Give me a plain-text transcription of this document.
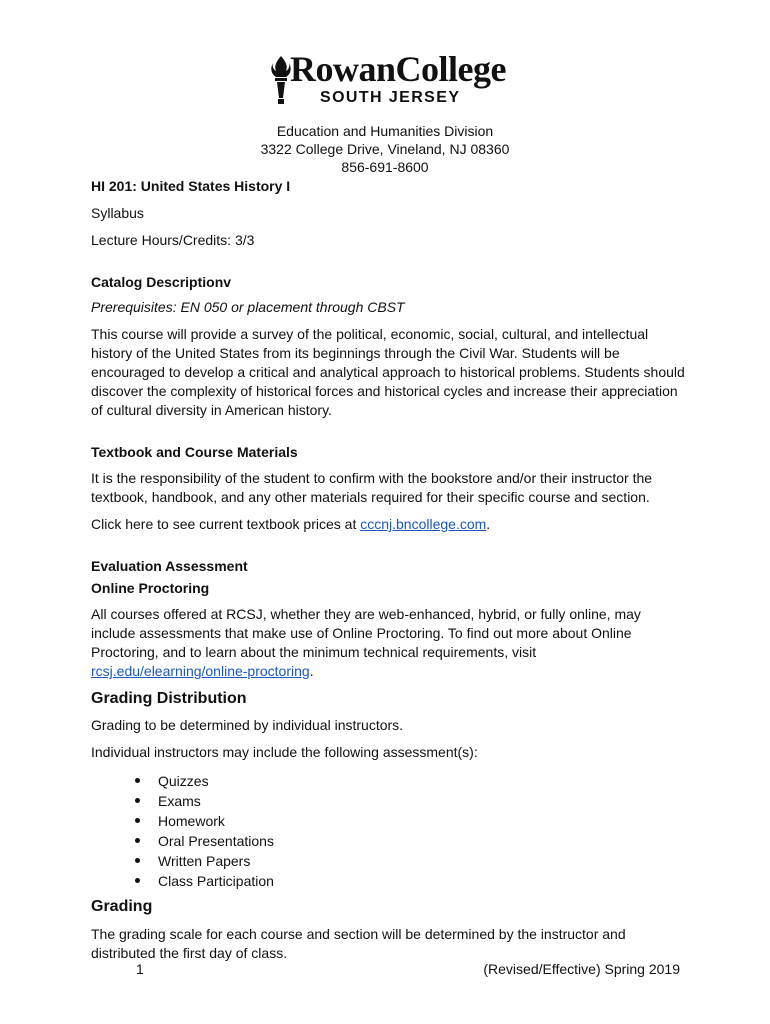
RowanCollege
SOUTH JERSEY
Education and Humanities Division
3322 College Drive, Vineland, NJ 08360
856-691-8600
HI 201: United States History I
Syllabus
Lecture Hours/Credits: 3/3
Catalog Descriptionv
Prerequisites: EN 050 or placement through CBST
This course will provide a survey of the political, economic, social, cultural, and intellectual
history of the United States from its beginnings through the Civil War. Students will be
encouraged to develop a critical and analytical approach to historical problems. Students should
discover the complexity of historical forces and historical cycles and increase their appreciation
of cultural diversity in American history.
Textbook and Course Materials
It is the responsibility of the student to confirm with the bookstore and/or their instructor the
textbook, handbook, and any other materials required for their specific course and section.
Click here to see current textbook prices at cccnj.bncollege.com.
Evaluation Assessment
Online Proctoring
All courses offered at RCSJ, whether they are web-enhanced, hybrid, or fully online, may
include assessments that make use of Online Proctoring. To find out more about Online
Proctoring, and to learn about the minimum technical requirements, visit
rcsj.edu/elearning/online-proctoring.
Grading Distribution
Grading to be determined by individual instructors.
Individual instructors may include the following assessment(s):
Quizzes
Exams
Homework
Oral Presentations
Written Papers
Class Participation
Grading
The grading scale for each course and section will be determined by the instructor and
distributed the first day of class.
1	(Revised/Effective) Spring 2019
